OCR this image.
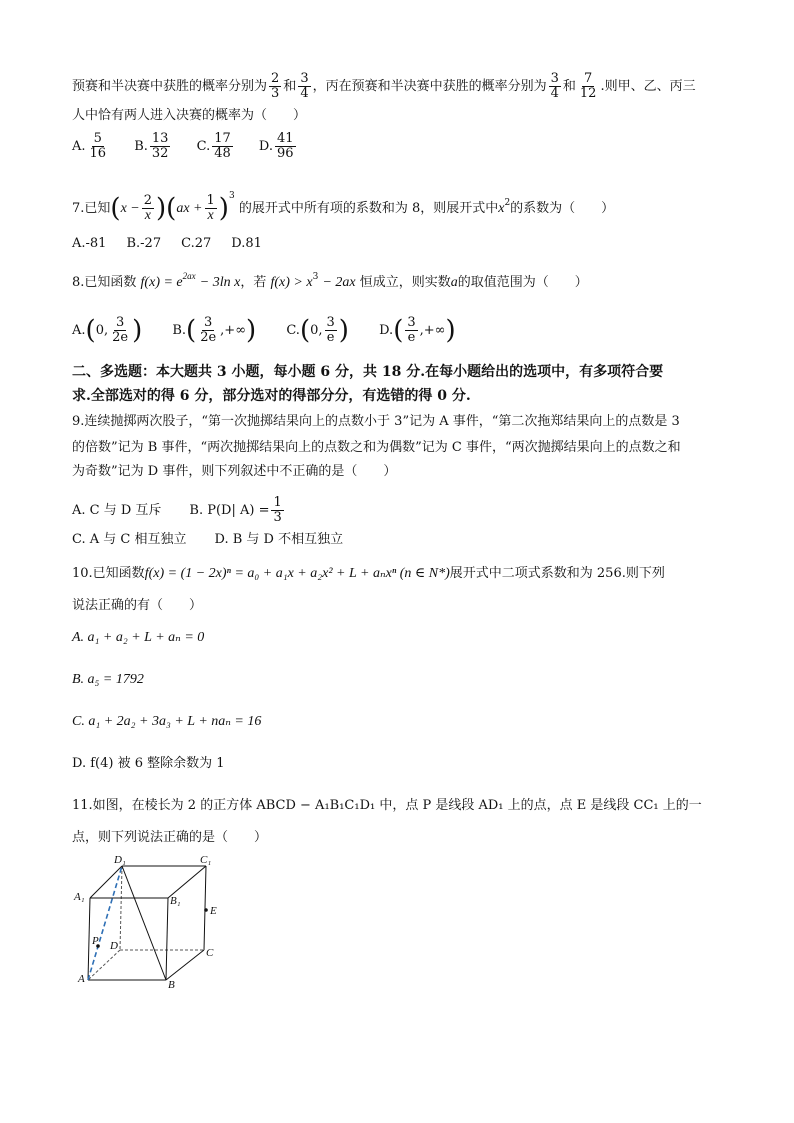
预赛和半决赛中获胜的概率分别为 $\frac{2}{3}$ 和 $\frac{3}{4}$ ，丙在预赛和半决赛中获胜的概率分别为 $\frac{3}{4}$ 和 $\frac{7}{12}$ .则甲、乙、丙三
人中恰有两人进入决赛的概率为（　　）
A. $\frac{5}{16} B$. $\frac{13}{32} C$. $\frac{17}{48} D$. $\frac{41}{96}$
7.已知$(x - \frac{2}{x} )(ax + \frac{1}{x} )^3$ 的展开式中所有项的系数和为 8，则展开式中$x^2$的系数为（　　）
A.-81 B.-27 C.27 D.81
8.已知函数 $f(x) = e^{2ax} - 3\ln$ x，若 $f(x) > x^3 - 2ax$ 恒成立，则实数a的取值范围为（　　）
A.(0, $\frac{3}{2e}$ ) $B.( \frac{3}{2e}$ ,+∞) C.(0, $\frac{3}{e}$ ) $D.( \frac{3}{e}$ ,+∞)
二、多选题：本大题共 3 小题，每小题 6 分，共 18 分.在每小题给出的选项中，有多项符合要
求.全部选对的得 6 分，部分选对的得部分分，有选错的得 0 分.
9.连续抛掷两次股子，“第一次抛掷结果向上的点数小于 3”记为 A 事件，“第二次拖郑结果向上的点数是 3
的倍数”记为 B 事件，“两次抛掷结果向上的点数之和为偶数”记为 C 事件，“两次抛掷结果向上的点数之和
为奇数”记为 D 事件，则下列叙述中不正确的是（　　）
A. C 与 D 互斥 B. P(D| $A) = \frac{1}{3}$
C. A 与 C 相互独立 D. B 与 D 不相互独立
10.已知函数f(x) = (1 − 2x)ⁿ = a₀ + a₁x + a₂x² + L + aₙxⁿ (n ∈ N*)展开式中二项式系数和为 256.则下列
说法正确的有（　　）
A. a₁ + a₂ + L + aₙ = 0
B. a₅ = 1792
C. a₁ + 2a₂ + 3a₃ + L + naₙ = 16
D. f(4) 被 6 整除余数为 1
11.如图，在棱长为 2 的正方体 ABCD − A₁B₁C₁D₁ 中，点 P 是线段 AD₁ 上的点，点 E 是线段 CC₁ 上的一
点，则下列说法正确的是（　　）
D₁	C₁
A₁	B₁
E
P D
C
A	B
